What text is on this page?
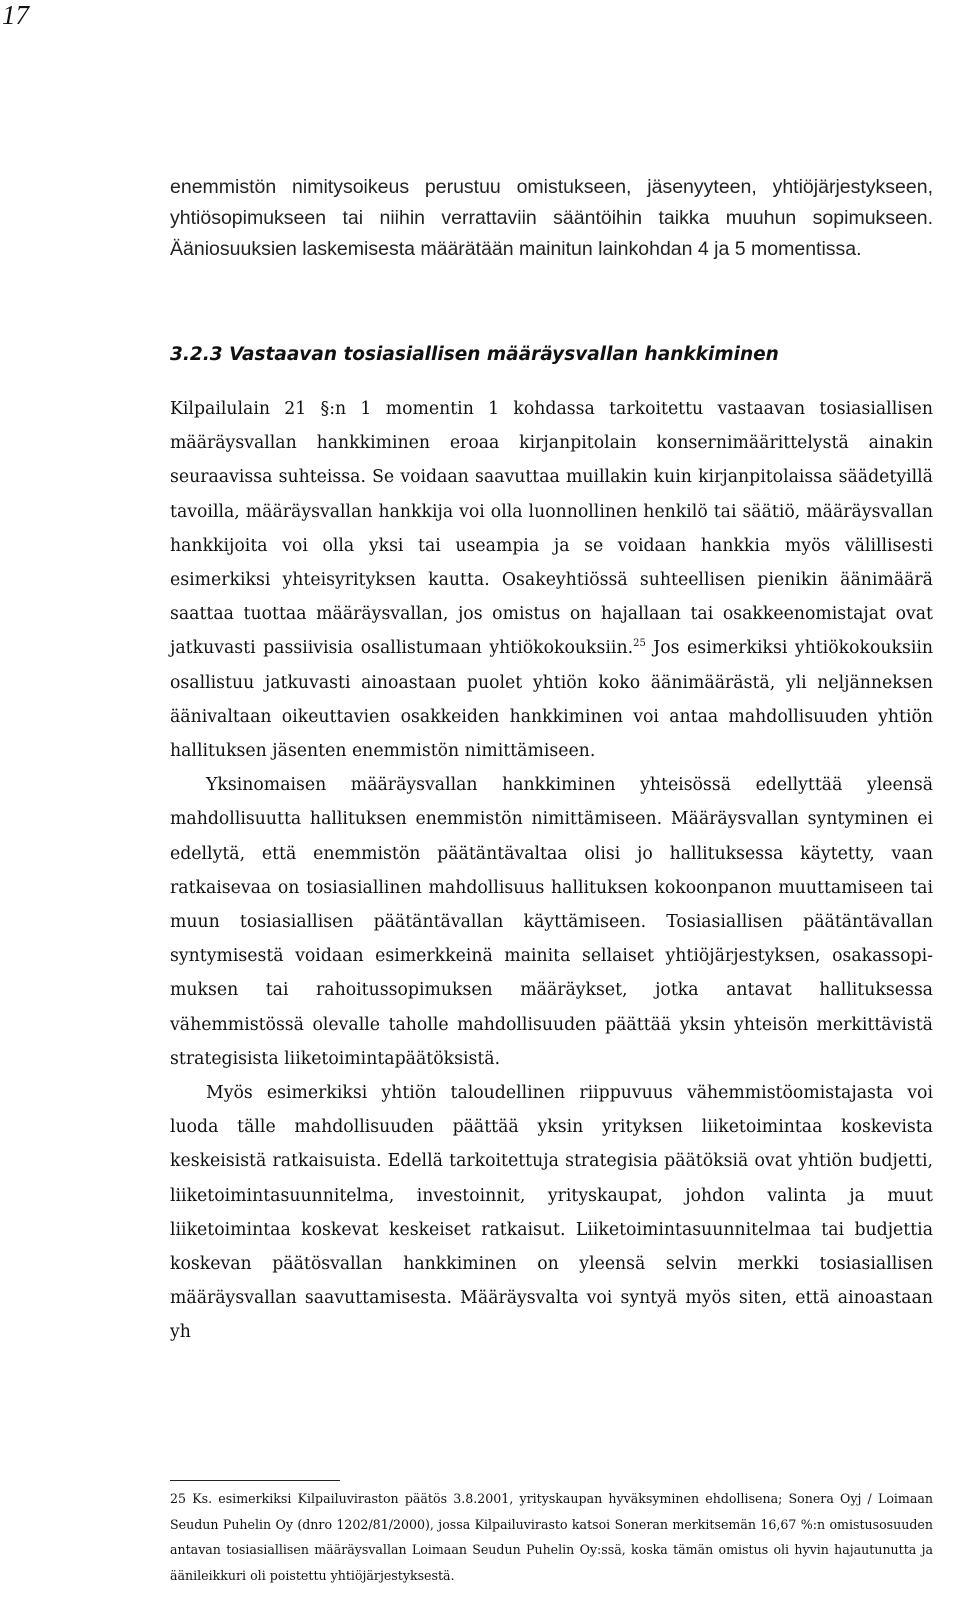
17

enemmistön nimitysoikeus perustuu omistukseen, jäsenyyteen, yhtiöjärjestykseen, yhtiösopimukseen tai niihin verrattaviin sääntöihin taikka muuhun sopimukseen. Ääniosuuksien laskemisesta määrätään mainitun lainkohdan 4 ja 5 momentissa.

3.2.3 Vastaavan tosiasiallisen määräysvallan hankkiminen

Kilpailulain 21 §:n 1 momentin 1 kohdassa tarkoitettu vastaavan tosiasiallisen määräysvallan hankkiminen eroaa kirjanpitolain konsernimäärittelystä ainakin seuraavissa suhteissa. Se voidaan saavuttaa muillakin kuin kirjanpitolaissa säädetyillä tavoilla, määräysvallan hankkija voi olla luonnollinen henkilö tai säätiö, määräysvallan hankkijoita voi olla yksi tai useampia ja se voidaan hankkia myös välillisesti esimerkiksi yhteisyrityksen kautta. Osakeyhtiössä suhteellisen pienikin äänimäärä saattaa tuottaa määräysvallan, jos omistus on hajallaan tai osakkeenomistajat ovat jatkuvasti passiivisia osallistumaan yhtiökokouksiin.$^{25}$ Jos esimerkiksi yhtiökokouksiin osallistuu jatkuvasti ainoastaan puolet yhtiön koko äänimäärästä, yli neljänneksen äänivaltaan oikeuttavien osakkeiden hankkiminen voi antaa mahdollisuuden yhtiön hallituksen jäsenten enemmistön nimittämiseen.

Yksinomaisen määräysvallan hankkiminen yhteisössä edellyttää yleensä mahdollisuutta hallituksen enemmistön nimittämiseen. Määräysvallan syntyminen ei edellytä, että enemmistön päätäntävaltaa olisi jo hallituksessa käytetty, vaan ratkaisevaa on tosiasiallinen mahdollisuus hallituksen kokoonpanon muuttamiseen tai muun tosiasiallisen päätäntävallan käyttämiseen. Tosiasiallisen päätäntävallan syntymisestä voidaan esimerkkeinä mainita sellaiset yhtiöjärjestyksen, osakassopimuksen tai rahoitussopimuksen määräykset, jotka antavat hallituksessa vähemmistössä olevalle taholle mahdollisuuden päättää yksin yhteisön merkittävistä strategisista liiketoimintapäätöksistä.

Myös esimerkiksi yhtiön taloudellinen riippuvuus vähemmistöomistajasta voi luoda tälle mahdollisuuden päättää yksin yrityksen liiketoimintaa koskevista keskeisistä ratkaisuista. Edellä tarkoitettuja strategisia päätöksiä ovat yhtiön budjetti, liiketoimintasuunnitelma, investoinnit, yrityskaupat, johdon valinta ja muut liiketoimintaa koskevat keskeiset ratkaisut. Liiketoimintasuunnitelmaa tai budjettia koskevan päätösvallan hankkiminen on yleensä selvin merkki tosiasiallisen määräysvallan saavuttamisesta. Määräysvalta voi syntyä myös siten, että ainoastaan yh

25 Ks. esimerkiksi Kilpailuviraston päätös 3.8.2001, yrityskaupan hyväksyminen ehdollisena; Sonera Oyj / Loimaan Seudun Puhelin Oy (dnro 1202/81/2000), jossa Kilpailuvirasto katsoi Soneran merkitsemän 16,67 %:n omistusosuuden antavan tosiasiallisen määräysvallan Loimaan Seudun Puhelin Oy:ssä, koska tämän omistus oli hyvin hajautunutta ja äänileikkuri oli poistettu yhtiöjärjestyksestä.
